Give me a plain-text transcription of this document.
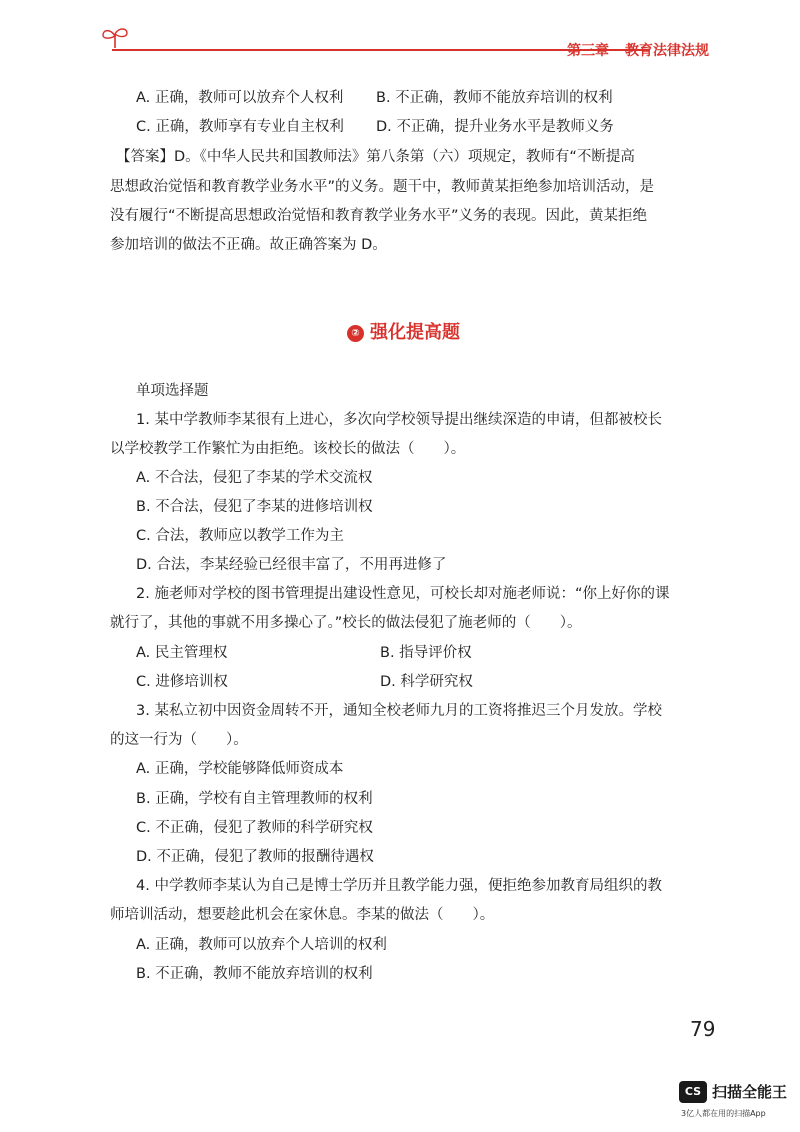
第三章 教育法律法规
A. 正确，教师可以放弃个人权利 B. 不正确，教师不能放弃培训的权利
C. 正确，教师享有专业自主权利 D. 不正确，提升业务水平是教师义务
【答案】D。《中华人民共和国教师法》第八条第（六）项规定，教师有“不断提高
思想政治觉悟和教育教学业务水平”的义务。题干中，教师黄某拒绝参加培训活动，是
没有履行“不断提高思想政治觉悟和教育教学业务水平”义务的表现。因此，黄某拒绝
参加培训的做法不正确。故正确答案为 D。
② 强化提高题
单项选择题
1. 某中学教师李某很有上进心，多次向学校领导提出继续深造的申请，但都被校长
以学校教学工作繁忙为由拒绝。该校长的做法（　　）。
A. 不合法，侵犯了李某的学术交流权
B. 不合法，侵犯了李某的进修培训权
C. 合法，教师应以教学工作为主
D. 合法，李某经验已经很丰富了，不用再进修了
2. 施老师对学校的图书管理提出建设性意见，可校长却对施老师说：“你上好你的课
就行了，其他的事就不用多操心了。”校长的做法侵犯了施老师的（　　）。
A. 民主管理权	B. 指导评价权
C. 进修培训权	D. 科学研究权
3. 某私立初中因资金周转不开，通知全校老师九月的工资将推迟三个月发放。学校
的这一行为（　　）。
A. 正确，学校能够降低师资成本
B. 正确，学校有自主管理教师的权利
C. 不正确，侵犯了教师的科学研究权
D. 不正确，侵犯了教师的报酬待遇权
4. 中学教师李某认为自己是博士学历并且教学能力强，便拒绝参加教育局组织的教
师培训活动，想要趁此机会在家休息。李某的做法（　　）。
A. 正确，教师可以放弃个人培训的权利
B. 不正确，教师不能放弃培训的权利
79
CS 扫描全能王
3亿人都在用的扫描App
